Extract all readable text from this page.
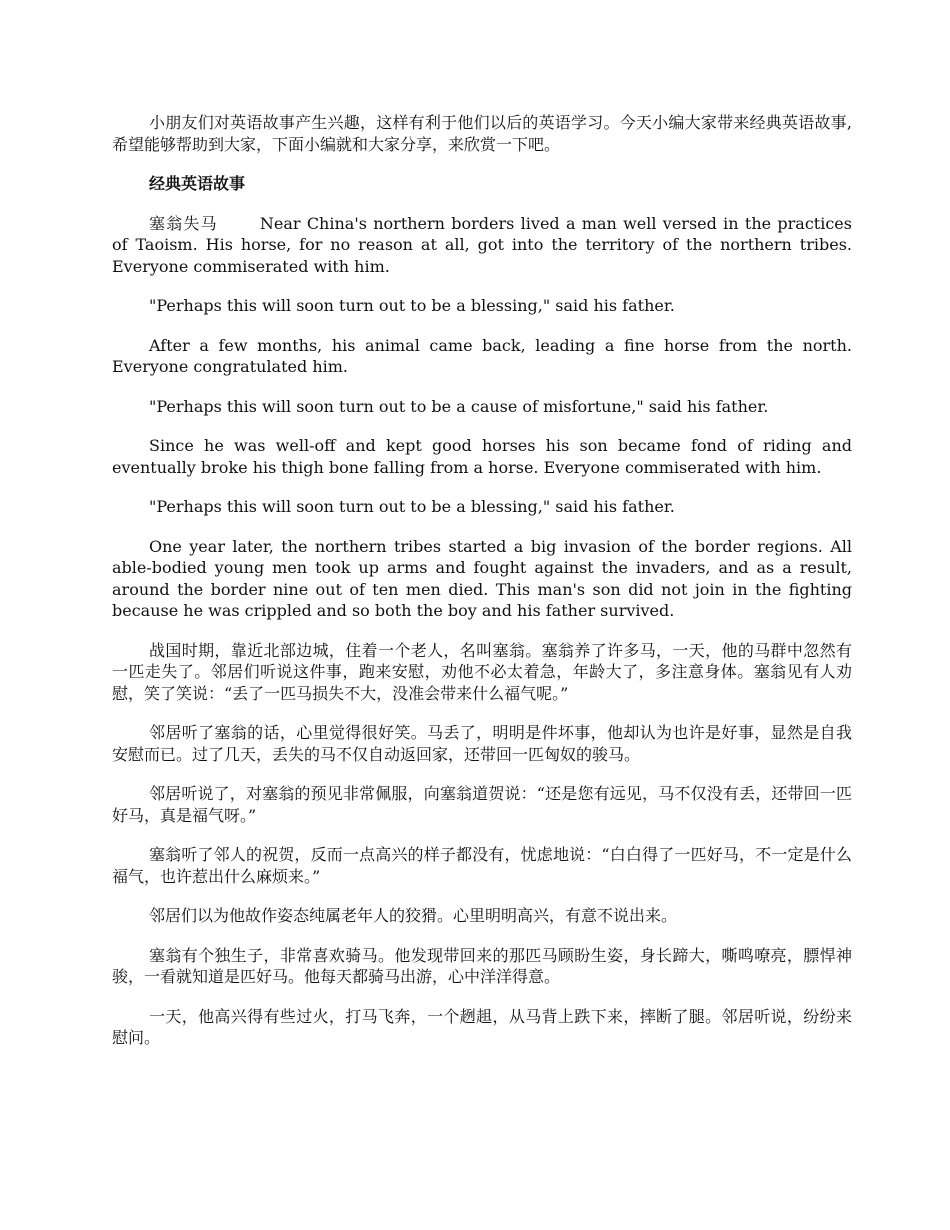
小朋友们对英语故事产生兴趣，这样有利于他们以后的英语学习。今天小编大家带来经典英语故事,希望能够帮助到大家，下面小编就和大家分享，来欣赏一下吧。

经典英语故事

塞翁失马	Near China's northern borders lived a man well versed in the practices of Taoism. His horse, for no reason at all, got into the territory of the northern tribes. Everyone commiserated with him.

"Perhaps this will soon turn out to be a blessing," said his father.

After a few months, his animal came back, leading a fine horse from the north. Everyone congratulated him.

"Perhaps this will soon turn out to be a cause of misfortune," said his father.

Since he was well-off and kept good horses his son became fond of riding and eventually broke his thigh bone falling from a horse. Everyone commiserated with him.

"Perhaps this will soon turn out to be a blessing," said his father.

One year later, the northern tribes started a big invasion of the border regions. All able-bodied young men took up arms and fought against the invaders, and as a result, around the border nine out of ten men died. This man's son did not join in the fighting because he was crippled and so both the boy and his father survived.

战国时期，靠近北部边城，住着一个老人，名叫塞翁。塞翁养了许多马，一天，他的马群中忽然有一匹走失了。邻居们听说这件事，跑来安慰，劝他不必太着急，年龄大了，多注意身体。塞翁见有人劝慰，笑了笑说：“丢了一匹马损失不大，没准会带来什么福气呢。”

邻居听了塞翁的话，心里觉得很好笑。马丢了，明明是件坏事，他却认为也许是好事，显然是自我安慰而已。过了几天，丢失的马不仅自动返回家，还带回一匹匈奴的骏马。

邻居听说了，对塞翁的预见非常佩服，向塞翁道贺说：“还是您有远见，马不仅没有丢，还带回一匹好马，真是福气呀。”

塞翁听了邻人的祝贺，反而一点高兴的样子都没有，忧虑地说：“白白得了一匹好马，不一定是什么福气，也许惹出什么麻烦来。”

邻居们以为他故作姿态纯属老年人的狡猾。心里明明高兴，有意不说出来。

塞翁有个独生子，非常喜欢骑马。他发现带回来的那匹马顾盼生姿，身长蹄大，嘶鸣嘹亮，膘悍神骏，一看就知道是匹好马。他每天都骑马出游，心中洋洋得意。

一天，他高兴得有些过火，打马飞奔，一个趔趄，从马背上跌下来，摔断了腿。邻居听说，纷纷来慰问。
